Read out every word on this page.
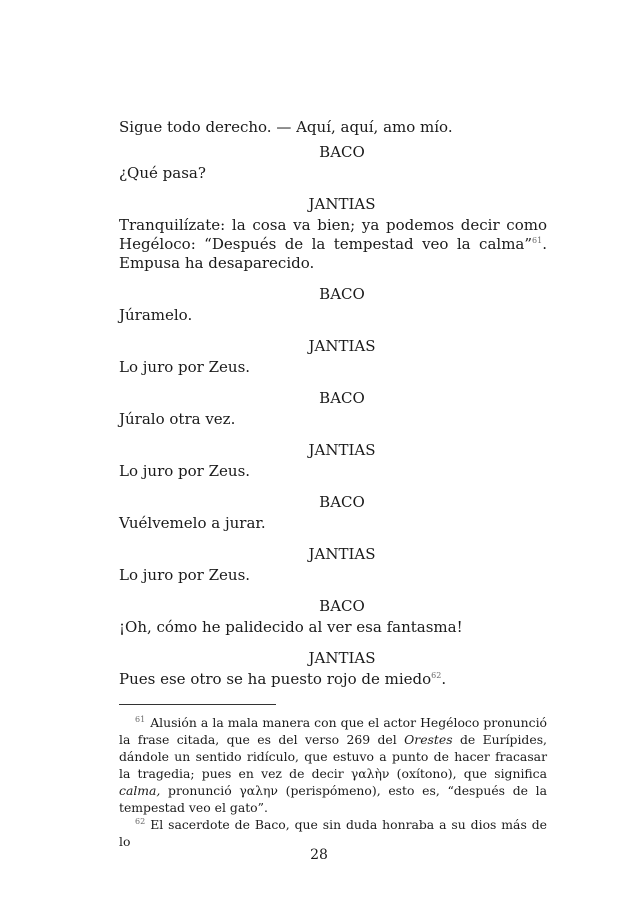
Sigue todo derecho. — Aquí, aquí, amo mío.

BACO

¿Qué pasa?

JANTIAS

Tranquilízate: la cosa va bien; ya podemos decir como Hegéloco: “Después de la tempestad veo la calma”$^{61}$. Empusa ha desaparecido.

BACO

Júramelo.

JANTIAS

Lo juro por Zeus.

BACO

Júralo otra vez.

JANTIAS

Lo juro por Zeus.

BACO

Vuélvemelo a jurar.

JANTIAS

Lo juro por Zeus.

BACO

¡Oh, cómo he palidecido al ver esa fantasma!

JANTIAS

Pues ese otro se ha puesto rojo de miedo$^{62}$.

$^{61}$ Alusión a la mala manera con que el actor Hegéloco pronunció la frase citada, que es del verso 269 del Orestes de Eurípides, dándole un sentido ridículo, que estuvo a punto de hacer fracasar la tragedia; pues en vez de decir γαλὴν (oxítono), que significa calma, pronunció γαλην (perispómeno), esto es, “después de la tempestad veo el gato”.

$^{62}$ El sacerdote de Baco, que sin duda honraba a su dios más de lo

28
